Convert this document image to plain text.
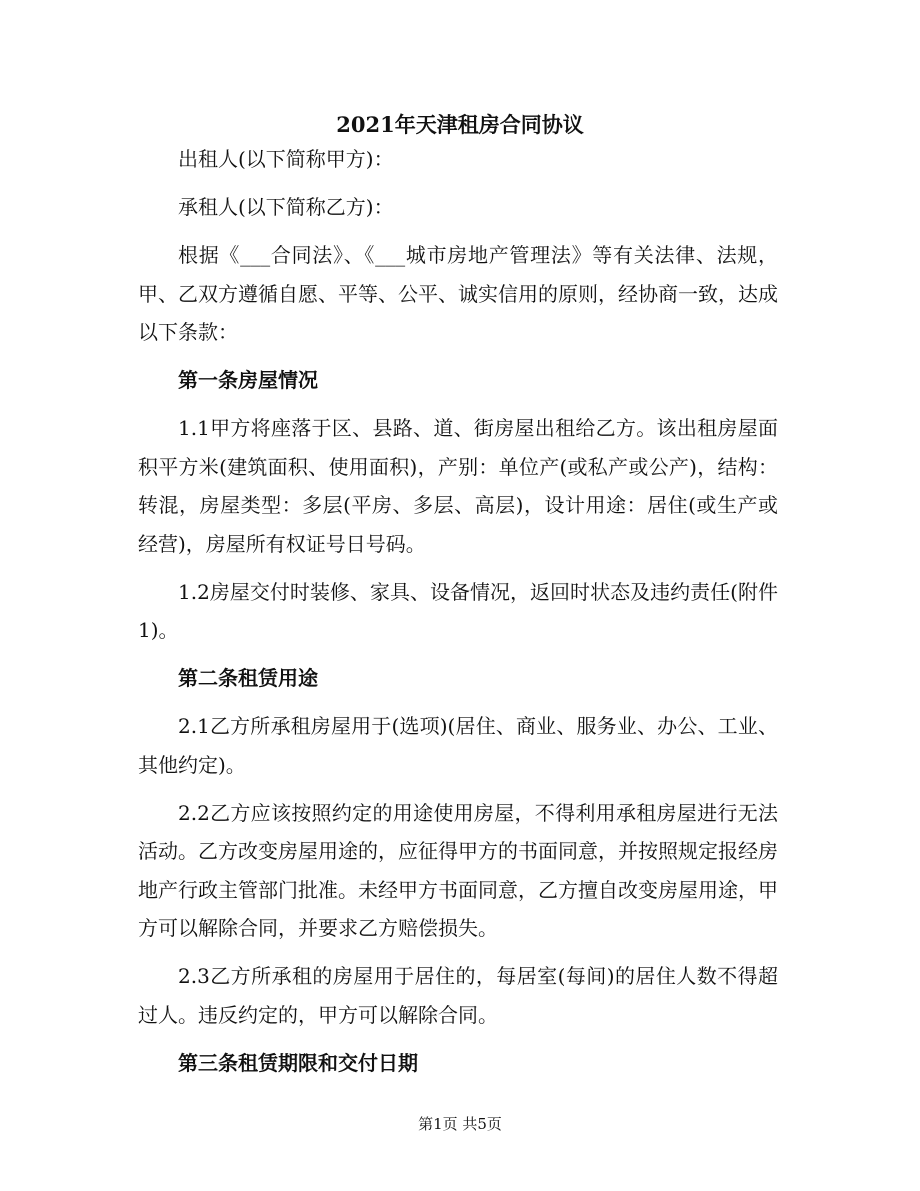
2021年天津租房合同协议

出租人(以下简称甲方)：

承租人(以下简称乙方)：

根据《___合同法》、《___城市房地产管理法》等有关法律、法规，甲、乙双方遵循自愿、平等、公平、诚实信用的原则，经协商一致，达成以下条款：

第一条房屋情况

1.1甲方将座落于区、县路、道、街房屋出租给乙方。该出租房屋面积平方米(建筑面积、使用面积)，产别：单位产(或私产或公产)，结构：转混，房屋类型：多层(平房、多层、高层)，设计用途：居住(或生产或经营)，房屋所有权证号日号码。

1.2房屋交付时装修、家具、设备情况，返回时状态及违约责任(附件1)。

第二条租赁用途

2.1乙方所承租房屋用于(选项)(居住、商业、服务业、办公、工业、其他约定)。

2.2乙方应该按照约定的用途使用房屋，不得利用承租房屋进行无法活动。乙方改变房屋用途的，应征得甲方的书面同意，并按照规定报经房地产行政主管部门批准。未经甲方书面同意，乙方擅自改变房屋用途，甲方可以解除合同，并要求乙方赔偿损失。

2.3乙方所承租的房屋用于居住的，每居室(每间)的居住人数不得超过人。违反约定的，甲方可以解除合同。

第三条租赁期限和交付日期

第1页 共5页
